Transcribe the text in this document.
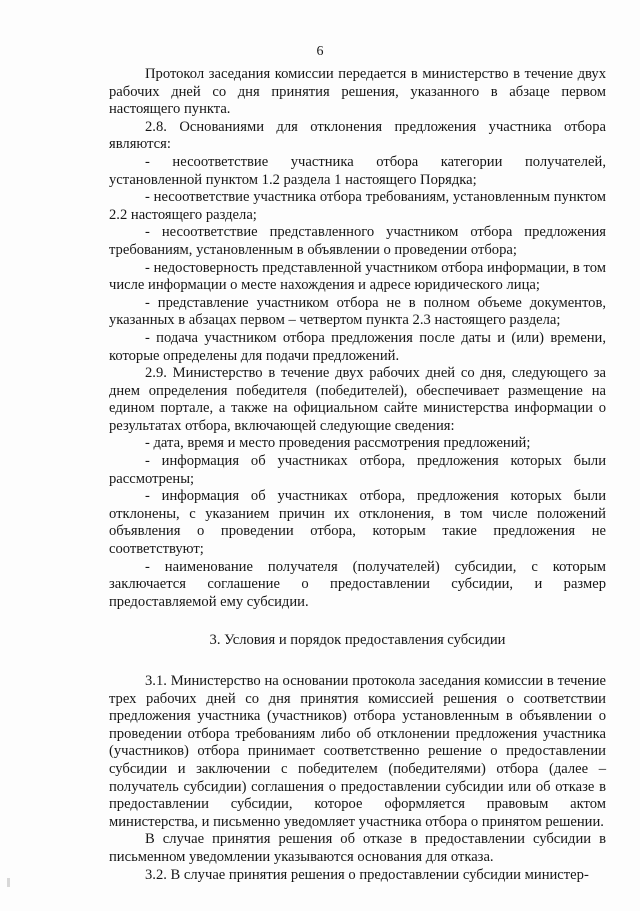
6

Протокол заседания комиссии передается в министерство в течение двух рабочих дней со дня принятия решения, указанного в абзаце первом настоящего пункта.

2.8. Основаниями для отклонения предложения участника отбора являются:

- несоответствие участника отбора категории получателей, установленной пунктом 1.2 раздела 1 настоящего Порядка;

- несоответствие участника отбора требованиям, установленным пунктом 2.2 настоящего раздела;

- несоответствие представленного участником отбора предложения требованиям, установленным в объявлении о проведении отбора;

- недостоверность представленной участником отбора информации, в том числе информации о месте нахождения и адресе юридического лица;

- представление участником отбора не в полном объеме документов, указанных в абзацах первом – четвертом пункта 2.3 настоящего раздела;

- подача участником отбора предложения после даты и (или) времени, которые определены для подачи предложений.

2.9. Министерство в течение двух рабочих дней со дня, следующего за днем определения победителя (победителей), обеспечивает размещение на едином портале, а также на официальном сайте министерства информации о результатах отбора, включающей следующие сведения:

- дата, время и место проведения рассмотрения предложений;

- информация об участниках отбора, предложения которых были рассмотрены;

- информация об участниках отбора, предложения которых были отклонены, с указанием причин их отклонения, в том числе положений объявления о проведении отбора, которым такие предложения не соответствуют;

- наименование получателя (получателей) субсидии, с которым заключается соглашение о предоставлении субсидии, и размер предоставляемой ему субсидии.

3. Условия и порядок предоставления субсидии

3.1. Министерство на основании протокола заседания комиссии в течение трех рабочих дней со дня принятия комиссией решения о соответствии предложения участника (участников) отбора установленным в объявлении о проведении отбора требованиям либо об отклонении предложения участника (участников) отбора принимает соответственно решение о предоставлении субсидии и заключении с победителем (победителями) отбора (далее – получатель субсидии) соглашения о предоставлении субсидии или об отказе в предоставлении субсидии, которое оформляется правовым актом министерства, и письменно уведомляет участника отбора о принятом решении.

В случае принятия решения об отказе в предоставлении субсидии в письменном уведомлении указываются основания для отказа.

3.2. В случае принятия решения о предоставлении субсидии министер-
